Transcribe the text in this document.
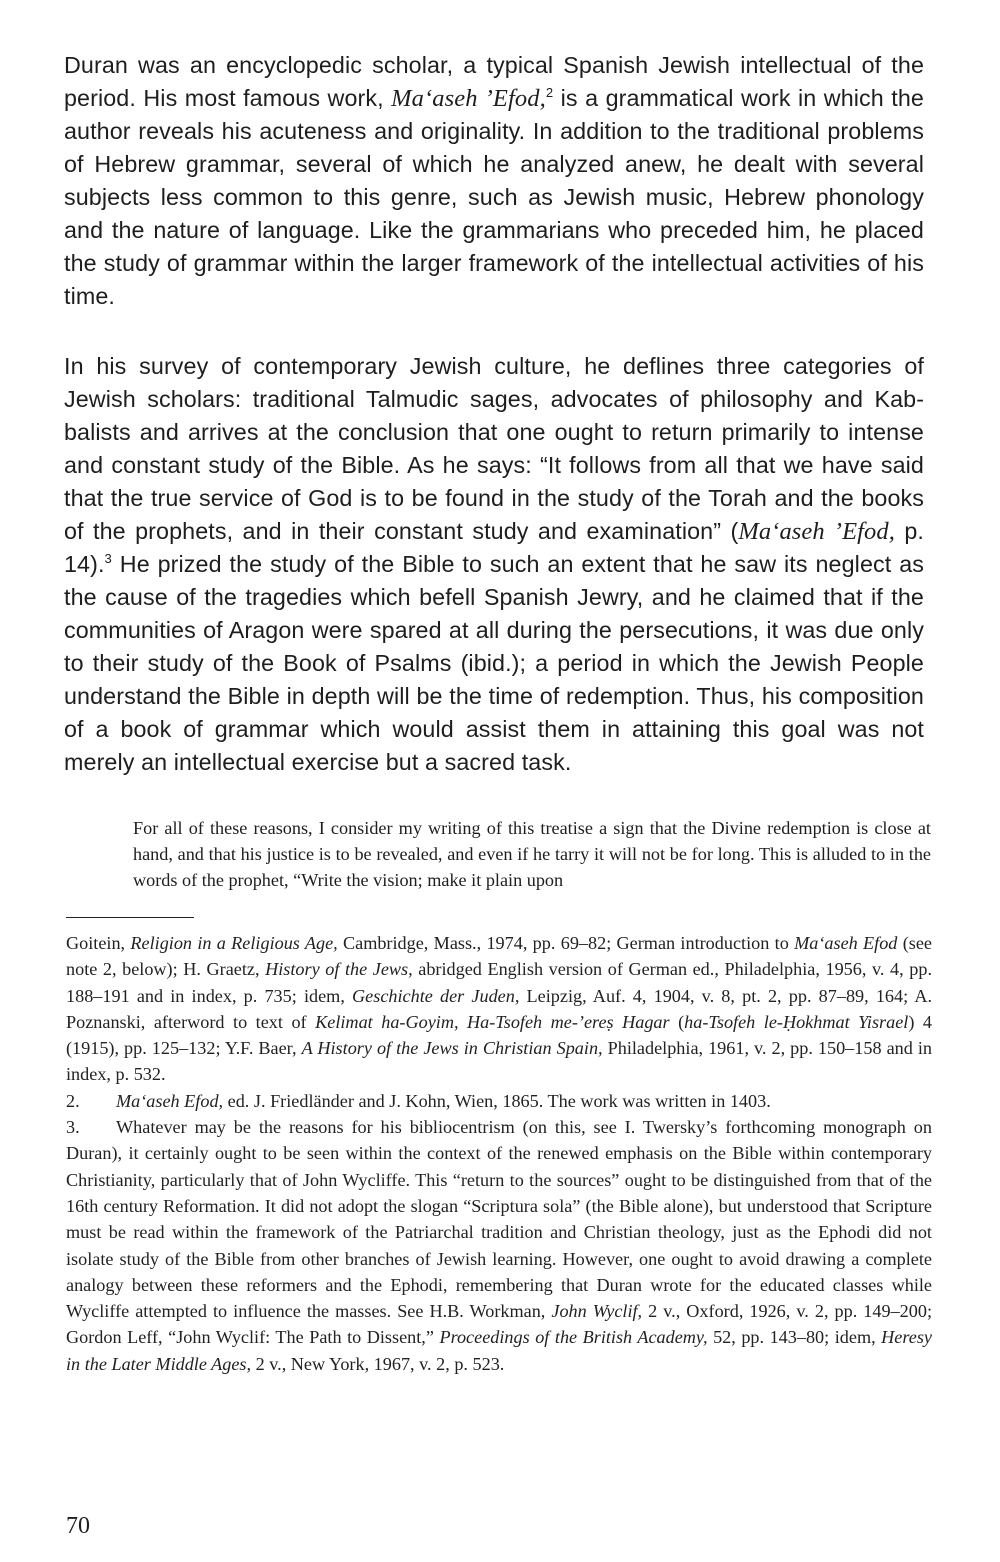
Duran was an encyclopedic scholar, a typical Spanish Jewish intellectual of the period. His most famous work, Ma‘aseh ’Efod,$^2$ is a grammatical work in which the author reveals his acuteness and originality. In addition to the traditional problems of Hebrew grammar, several of which he analyzed anew, he dealt with several subjects less common to this genre, such as Jewish music, Hebrew phonology and the nature of language. Like the grammarians who preceded him, he placed the study of grammar within the larger framework of the intellectual activities of his time.

In his survey of contemporary Jewish culture, he deflines three categories of Jewish scholars: traditional Talmudic sages, advocates of philosophy and Kabbalists and arrives at the conclusion that one ought to return primarily to intense and constant study of the Bible. As he says: “It follows from all that we have said that the true service of God is to be found in the study of the Torah and the books of the prophets, and in their constant study and examination” (Ma‘aseh ’Efod, p. 14).$^3$ He prized the study of the Bible to such an extent that he saw its neglect as the cause of the tragedies which befell Spanish Jewry, and he claimed that if the communities of Aragon were spared at all during the persecutions, it was due only to their study of the Book of Psalms (ibid.); a period in which the Jewish People understand the Bible in depth will be the time of redemption. Thus, his composition of a book of grammar which would assist them in attaining this goal was not merely an intellectual exercise but a sacred task.

For all of these reasons, I consider my writing of this treatise a sign that the Divine redemption is close at hand, and that his justice is to be revealed, and even if he tarry it will not be for long. This is alluded to in the words of the prophet, “Write the vision; make it plain upon

Goitein, Religion in a Religious Age, Cambridge, Mass., 1974, pp. 69–82; German introduction to Ma‘aseh Efod (see note 2, below); H. Graetz, History of the Jews, abridged English version of German ed., Philadelphia, 1956, v. 4, pp. 188–191 and in index, p. 735; idem, Geschichte der Juden, Leipzig, Auf. 4, 1904, v. 8, pt. 2, pp. 87–89, 164; A. Poznanski, afterword to text of Kelimat ha-Goyim, Ha-Tsofeh me-’ereṣ Hagar (ha-Tsofeh le-Ḥokhmat Yisrael) 4 (1915), pp. 125–132; Y.F. Baer, A History of the Jews in Christian Spain, Philadelphia, 1961, v. 2, pp. 150–158 and in index, p. 532.

2. Ma‘aseh Efod, ed. J. Friedländer and J. Kohn, Wien, 1865. The work was written in 1403.

3. Whatever may be the reasons for his bibliocentrism (on this, see I. Twersky’s forthcoming monograph on Duran), it certainly ought to be seen within the context of the renewed emphasis on the Bible within contemporary Christianity, particularly that of John Wycliffe. This “return to the sources” ought to be distinguished from that of the 16th century Reformation. It did not adopt the slogan “Scriptura sola” (the Bible alone), but understood that Scripture must be read within the framework of the Patriarchal tradition and Christian theology, just as the Ephodi did not isolate study of the Bible from other branches of Jewish learning. However, one ought to avoid drawing a complete analogy between these reformers and the Ephodi, remembering that Duran wrote for the educated classes while Wycliffe attempted to influence the masses. See H.B. Workman, John Wyclif, 2 v., Oxford, 1926, v. 2, pp. 149–200; Gordon Leff, “John Wyclif: The Path to Dissent,” Proceedings of the British Academy, 52, pp. 143–80; idem, Heresy in the Later Middle Ages, 2 v., New York, 1967, v. 2, p. 523.

70
